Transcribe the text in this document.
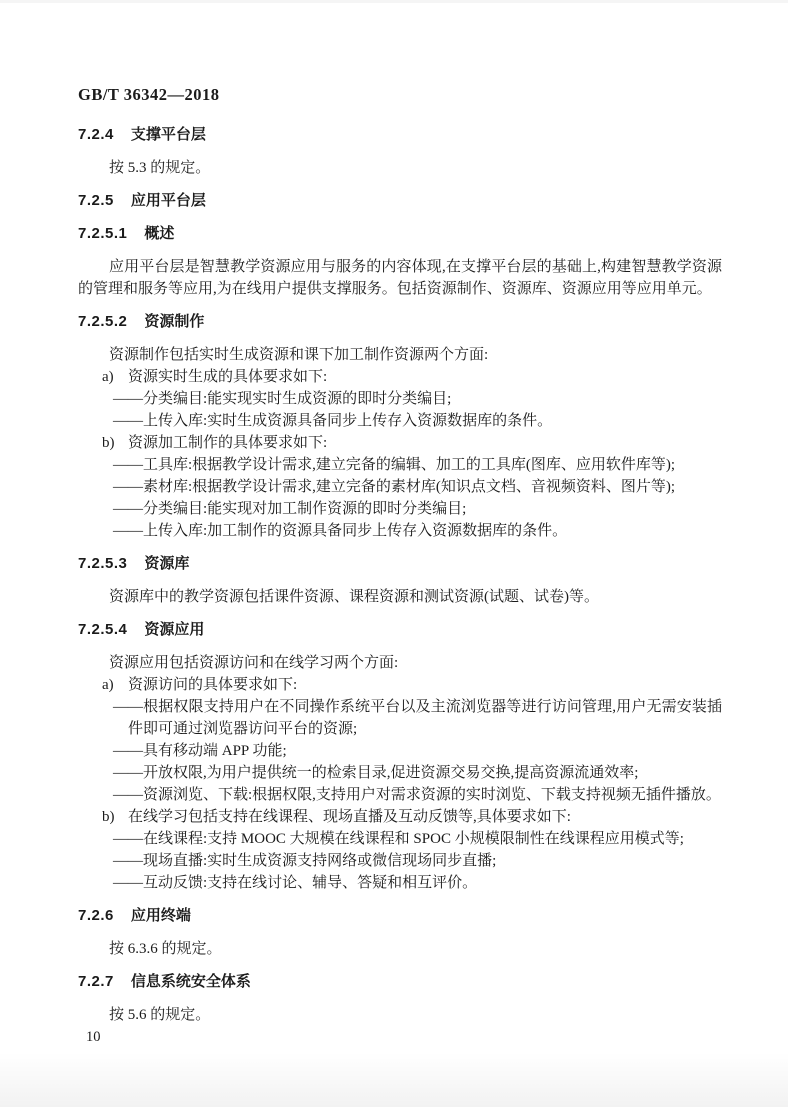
GB/T 36342—2018
7.2.4 支撑平台层

按 5.3 的规定。

7.2.5 应用平台层
7.2.5.1 概述

应用平台层是智慧教学资源应用与服务的内容体现,在支撑平台层的基础上,构建智慧教学资源的管理和服务等应用,为在线用户提供支撑服务。包括资源制作、资源库、资源应用等应用单元。

7.2.5.2 资源制作

资源制作包括实时生成资源和课下加工制作资源两个方面:

a) 资源实时生成的具体要求如下:

——分类编目:能实现实时生成资源的即时分类编目;

——上传入库:实时生成资源具备同步上传存入资源数据库的条件。

b) 资源加工制作的具体要求如下:

——工具库:根据教学设计需求,建立完备的编辑、加工的工具库(图库、应用软件库等);

——素材库:根据教学设计需求,建立完备的素材库(知识点文档、音视频资料、图片等);

——分类编目:能实现对加工制作资源的即时分类编目;

——上传入库:加工制作的资源具备同步上传存入资源数据库的条件。

7.2.5.3 资源库

资源库中的教学资源包括课件资源、课程资源和测试资源(试题、试卷)等。

7.2.5.4 资源应用

资源应用包括资源访问和在线学习两个方面:

a) 资源访问的具体要求如下:

——根据权限支持用户在不同操作系统平台以及主流浏览器等进行访问管理,用户无需安装插件即可通过浏览器访问平台的资源;

——具有移动端 APP 功能;

——开放权限,为用户提供统一的检索目录,促进资源交易交换,提高资源流通效率;

——资源浏览、下载:根据权限,支持用户对需求资源的实时浏览、下载支持视频无插件播放。

b) 在线学习包括支持在线课程、现场直播及互动反馈等,具体要求如下:

——在线课程:支持 MOOC 大规模在线课程和 SPOC 小规模限制性在线课程应用模式等;

——现场直播:实时生成资源支持网络或微信现场同步直播;

——互动反馈:支持在线讨论、辅导、答疑和相互评价。

7.2.6 应用终端

按 6.3.6 的规定。

7.2.7 信息系统安全体系

按 5.6 的规定。

10
